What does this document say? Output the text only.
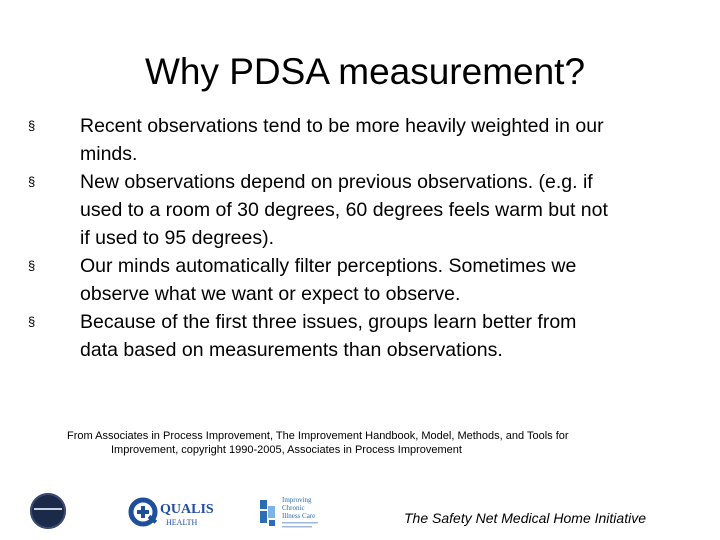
Why PDSA measurement?
§ Recent observations tend to be more heavily weighted in our
minds.
§ New observations depend on previous observations. (e.g. if
used to a room of 30 degrees, 60 degrees feels warm but not
if used to 95 degrees).
§ Our minds automatically filter perceptions. Sometimes we
observe what we want or expect to observe.
§ Because of the first three issues, groups learn better from
data based on measurements than observations.
From Associates in Process Improvement, The Improvement Handbook, Model, Methods, and Tools for
Improvement, copyright 1990-2005, Associates in Process Improvement
QUALIS
HEALTH
Improving
Chronic
Illness Care	The Safety Net Medical Home Initiative
